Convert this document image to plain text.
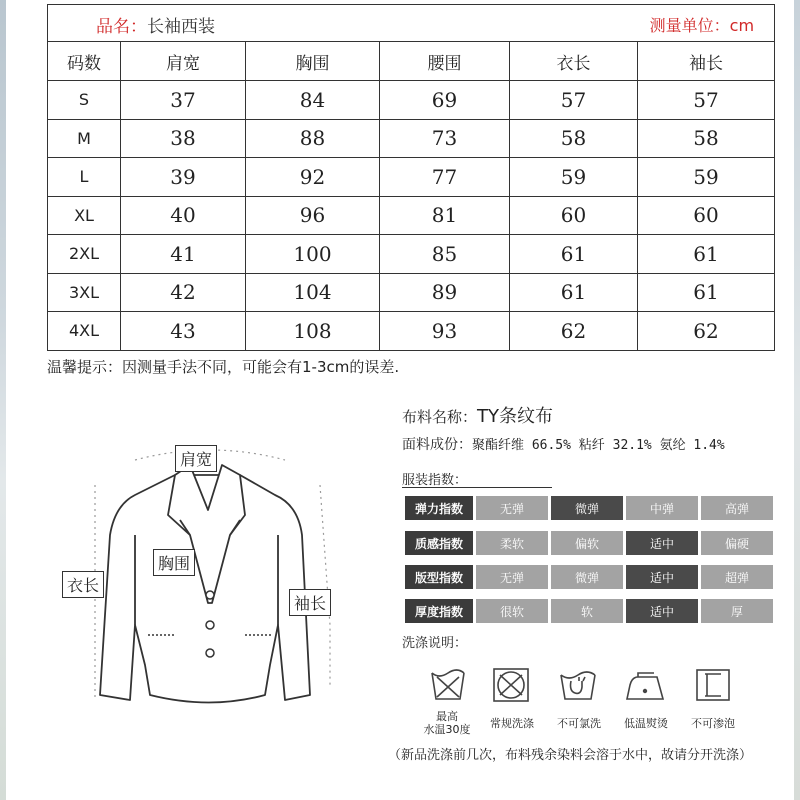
品名：长袖西装 测量单位：cm					

码数	肩宽	胸围	腰围	衣长	袖长
S	37	84	69	57	57
M	38	88	73	58	58
L	39	92	77	59	59
XL	40	96	81	60	60
2XL	41	100	85	61	61
3XL	42	104	89	61	61
4XL	43	108	93	62	62
温馨提示：因测量手法不同，可能会有1-3cm的误差.
肩宽
胸围
衣长
袖长
布料名称：TY条纹布
面料成份：聚酯纤维 66.5% 粘纤 32.1% 氨纶 1.4%
服装指数：
弹力指数	无弹	微弹	中弹	高弹
质感指数	柔软	偏软	适中	偏硬
版型指数	无弹	微弹	适中	超弹
厚度指数	很软	软	适中	厚
洗涤说明：
最高
水温30度	常规洗涤	不可氯洗	低温熨烫	不可渗泡
（新品洗涤前几次，布料残余染料会溶于水中，故请分开洗涤）
